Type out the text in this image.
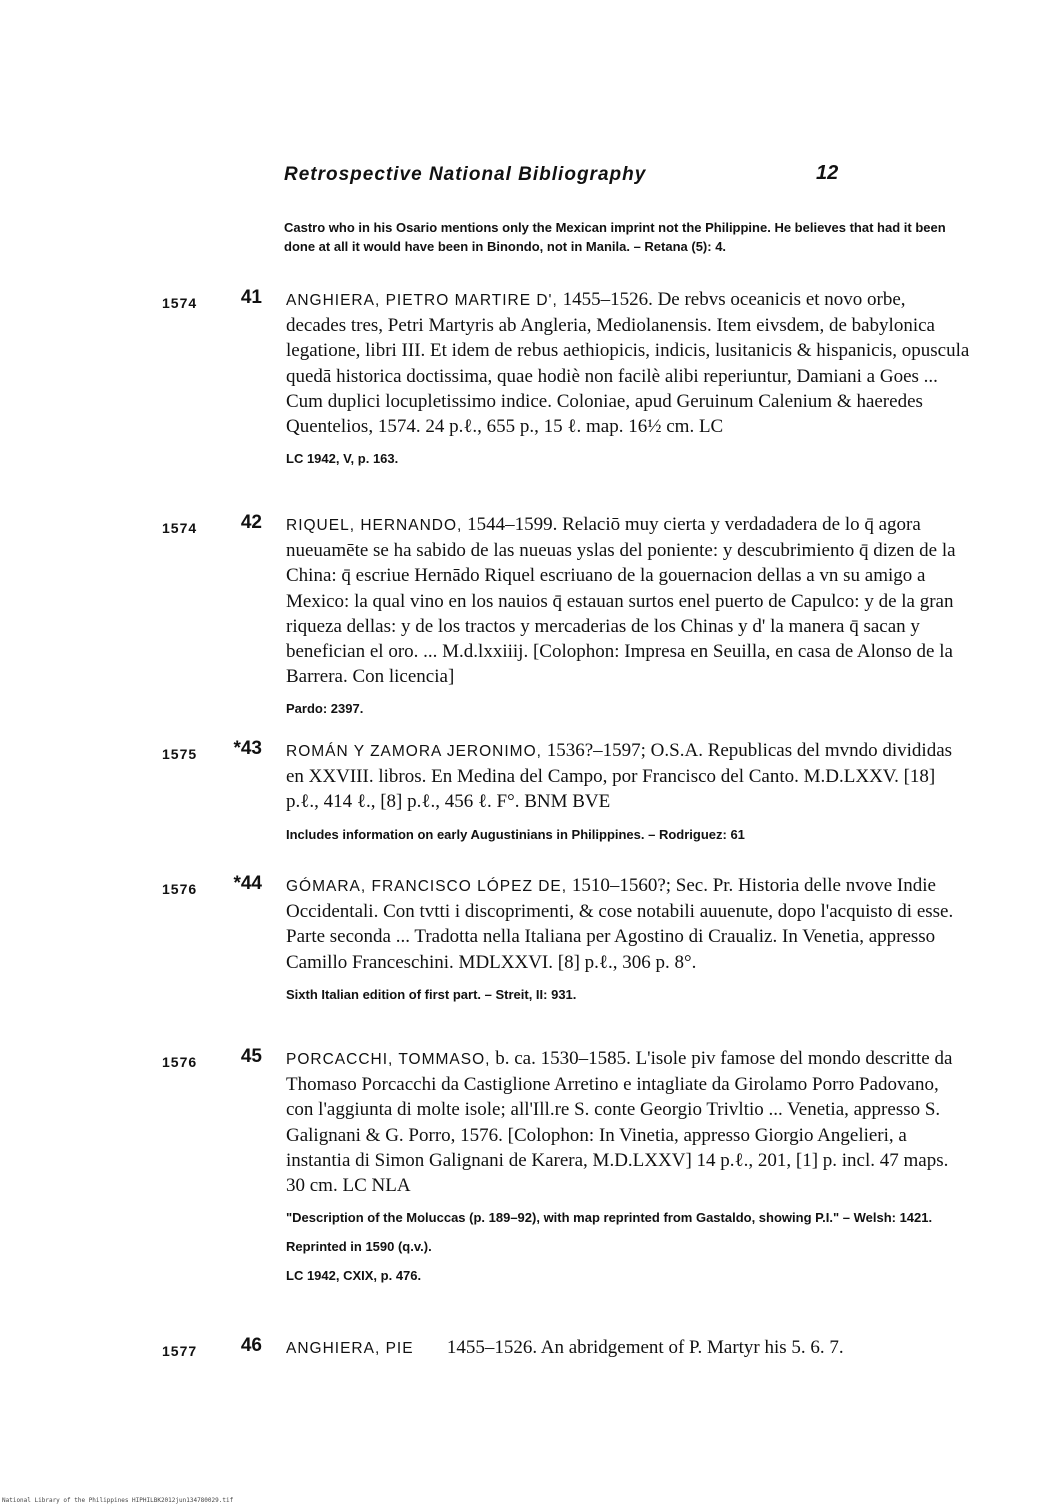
Retrospective National Bibliography	12
Castro who in his Osario mentions only the Mexican imprint not the Philippine. He believes that had it been done at all it would have been in Binondo, not in Manila. – Retana (5): 4.
1574	41 ANGHIERA, PIETRO MARTIRE D', 1455–1526. De rebvs oceanicis et novo orbe, decades tres, Petri Martyris ab Angleria, Mediolanensis. Item eivsdem, de babylonica legatione, libri III. Et idem de rebus aethiopicis, indicis, lusitanicis & hispanicis, opuscula quedā historica doctissima, quae hodiè non facilè alibi reperiuntur, Damiani a Goes ... Cum duplici locupletissimo indice. Coloniae, apud Geruinum Calenium & haeredes Quentelios, 1574. 24 p.ℓ., 655 p., 15 ℓ. map. 16½ cm. LC

LC 1942, V, p. 163.

1574	42 RIQUEL, HERNANDO, 1544–1599. Relaciō muy cierta y verdadadera de lo q̄ agora nueuamēte se ha sabido de las nueuas yslas del poniente: y descubrimiento q̄ dizen de la China: q̄ escriue Hernādo Riquel escriuano de la gouernacion dellas a vn su amigo a Mexico: la qual vino en los nauios q̄ estauan surtos enel puerto de Capulco: y de la gran riqueza dellas: y de los tractos y mercaderias de los Chinas y d' la manera q̄ sacan y benefician el oro. ... M.d.lxxiiij. [Colophon: Impresa en Seuilla, en casa de Alonso de la Barrera. Con licencia]

Pardo: 2397.

1575	*43 ROMÁN Y ZAMORA JERONIMO, 1536?–1597; O.S.A. Republicas del mvndo divididas en XXVIII. libros. En Medina del Campo, por Francisco del Canto. M.D.LXXV. [18] p.ℓ., 414 ℓ., [8] p.ℓ., 456 ℓ. F°. BNM BVE

Includes information on early Augustinians in Philippines. – Rodriguez: 61

1576	*44 GÓMARA, FRANCISCO LÓPEZ DE, 1510–1560?; Sec. Pr. Historia delle nvove Indie Occidentali. Con tvtti i discoprimenti, & cose notabili auuenute, dopo l'acquisto di esse. Parte seconda ... Tradotta nella Italiana per Agostino di Craualiz. In Venetia, appresso Camillo Franceschini. MDLXXVI. [8] p.ℓ., 306 p. 8°.

Sixth Italian edition of first part. – Streit, II: 931.

1576	45 PORCACCHI, TOMMASO, b. ca. 1530–1585. L'isole piv famose del mondo descritte da Thomaso Porcacchi da Castiglione Arretino e intagliate da Girolamo Porro Padovano, con l'aggiunta di molte isole; all'Ill.re S. conte Georgio Trivltio ... Venetia, appresso S. Galignani & G. Porro, 1576. [Colophon: In Vinetia, appresso Giorgio Angelieri, a instantia di Simon Galignani de Karera, M.D.LXXV] 14 p.ℓ., 201, [1] p. incl. 47 maps. 30 cm. LC NLA

"Description of the Moluccas (p. 189–92), with map reprinted from Gastaldo, showing P.I." – Welsh: 1421.

Reprinted in 1590 (q.v.).

LC 1942, CXIX, p. 476.

1577	46 ANGHIERA, PIE 1455–1526. An abridgement of P. Martyr his 5. 6. 7.

National Library of the Philippines HIPHILBK2012jun134780029.tif
